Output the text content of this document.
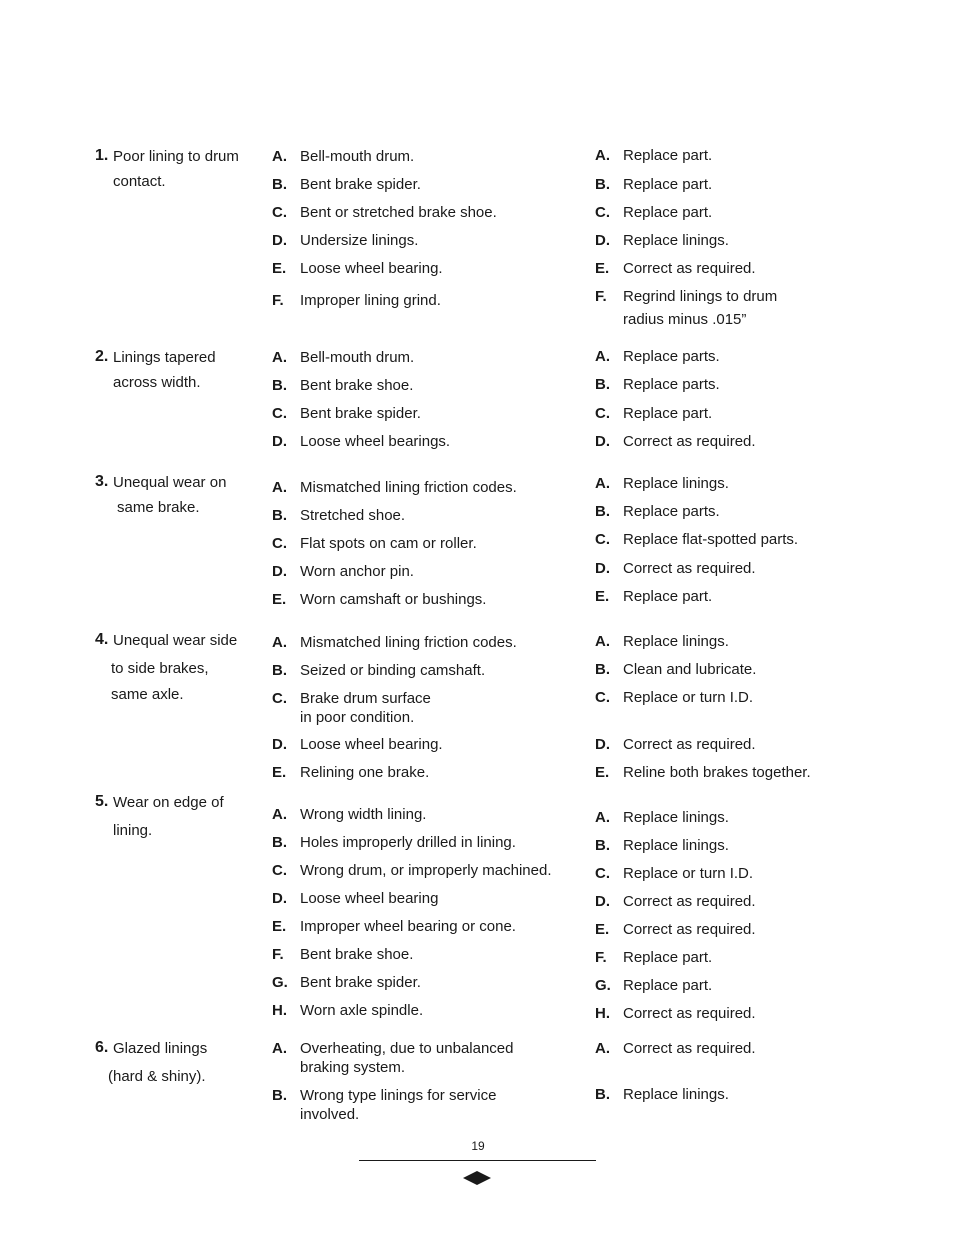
1. Poor lining to drum
contact.
A. Bell-mouth drum.
B. Bent brake spider.
C. Bent or stretched brake shoe.
D. Undersize linings.
E. Loose wheel bearing.
F. Improper lining grind.
A. Replace part.
B. Replace part.
C. Replace part.
D. Replace linings.
E. Correct as required.
F. Regrind linings to drum
radius minus .015”
2. Linings tapered
across width.
A. Bell-mouth drum.
B. Bent brake shoe.
C. Bent brake spider.
D. Loose wheel bearings.
A. Replace parts.
B. Replace parts.
C. Replace part.
D. Correct as required.
3. Unequal wear on
same brake.
A. Mismatched lining friction codes.
B. Stretched shoe.
C. Flat spots on cam or roller.
D. Worn anchor pin.
E. Worn camshaft or bushings.
A. Replace linings.
B. Replace parts.
C. Replace flat-spotted parts.
D. Correct as required.
E. Replace part.
4. Unequal wear side
to side brakes,
same axle.
A. Mismatched lining friction codes.
B. Seized or binding camshaft.
C. Brake drum surface
in poor condition.
D. Loose wheel bearing.
E. Relining one brake.
A. Replace linings.
B. Clean and lubricate.
C. Replace or turn I.D.
D. Correct as required.
E. Reline both brakes together.
5. Wear on edge of
lining.
A. Wrong width lining.
B. Holes improperly drilled in lining.
C. Wrong drum, or improperly machined.
D. Loose wheel bearing
E. Improper wheel bearing or cone.
F. Bent brake shoe.
G. Bent brake spider.
H. Worn axle spindle.
A. Replace linings.
B. Replace linings.
C. Replace or turn I.D.
D. Correct as required.
E. Correct as required.
F. Replace part.
G. Replace part.
H. Correct as required.
6. Glazed linings
(hard & shiny).
A. Overheating, due to unbalanced
braking system.
B. Wrong type linings for service
involved.
A. Correct as required.
B. Replace linings.
19
